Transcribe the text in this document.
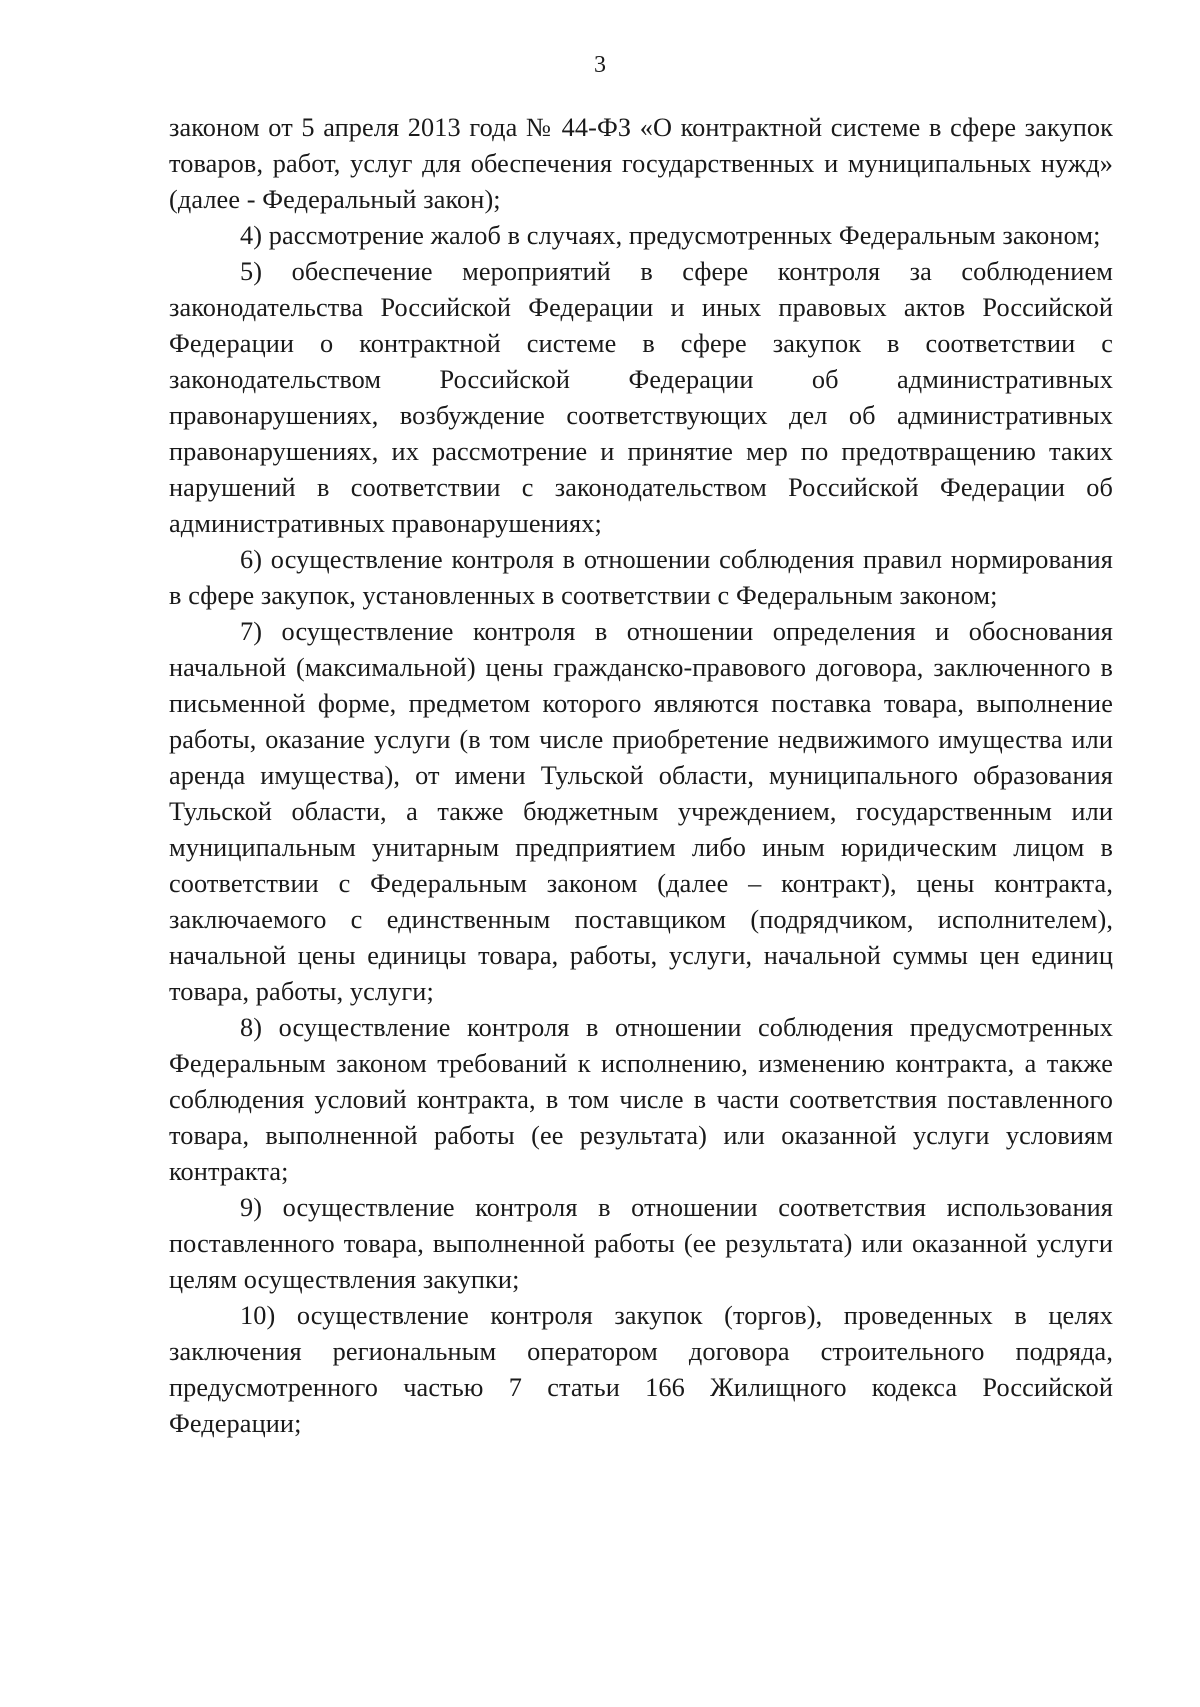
3

законом от 5 апреля 2013 года № 44-ФЗ «О контрактной системе в сфере закупок товаров, работ, услуг для обеспечения государственных и муниципальных нужд» (далее - Федеральный закон);

4) рассмотрение жалоб в случаях, предусмотренных Федеральным законом;

5) обеспечение мероприятий в сфере контроля за соблюдением законодательства Российской Федерации и иных правовых актов Российской Федерации о контрактной системе в сфере закупок в соответствии с законодательством Российской Федерации об административных правонарушениях, возбуждение соответствующих дел об административных правонарушениях, их рассмотрение и принятие мер по предотвращению таких нарушений в соответствии с законодательством Российской Федерации об административных правонарушениях;

6) осуществление контроля в отношении соблюдения правил нормирования в сфере закупок, установленных в соответствии с Федеральным законом;

7) осуществление контроля в отношении определения и обоснования начальной (максимальной) цены гражданско-правового договора, заключенного в письменной форме, предметом которого являются поставка товара, выполнение работы, оказание услуги (в том числе приобретение недвижимого имущества или аренда имущества), от имени Тульской области, муниципального образования Тульской области, а также бюджетным учреждением, государственным или муниципальным унитарным предприятием либо иным юридическим лицом в соответствии с Федеральным законом (далее – контракт), цены контракта, заключаемого с единственным поставщиком (подрядчиком, исполнителем), начальной цены единицы товара, работы, услуги, начальной суммы цен единиц товара, работы, услуги;

8) осуществление контроля в отношении соблюдения предусмотренных Федеральным законом требований к исполнению, изменению контракта, а также соблюдения условий контракта, в том числе в части соответствия поставленного товара, выполненной работы (ее результата) или оказанной услуги условиям контракта;

9) осуществление контроля в отношении соответствия использования поставленного товара, выполненной работы (ее результата) или оказанной услуги целям осуществления закупки;

10) осуществление контроля закупок (торгов), проведенных в целях заключения региональным оператором договора строительного подряда, предусмотренного частью 7 статьи 166 Жилищного кодекса Российской Федерации;
